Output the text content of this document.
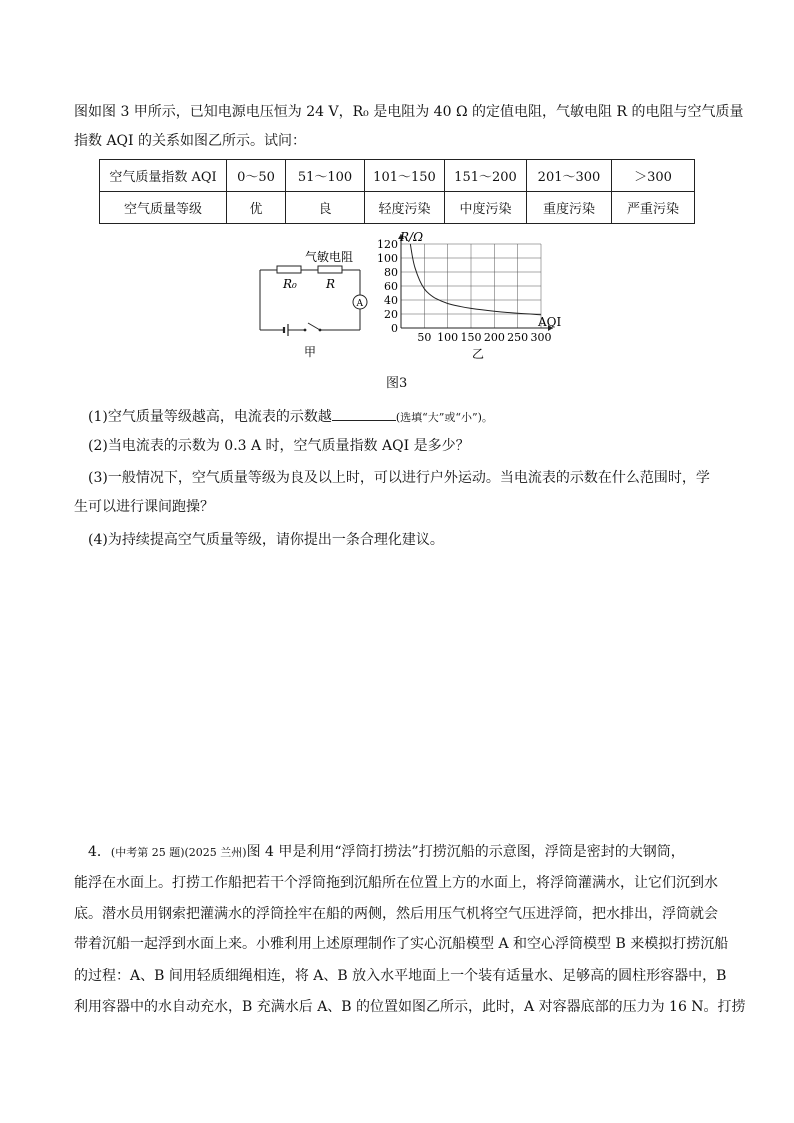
图如图 3 甲所示，已知电源电压恒为 24 V，R₀ 是电阻为 40 Ω 的定值电阻，气敏电阻 R 的电阻与空气质量
指数 AQI 的关系如图乙所示。试问：
空气质量指数 AQI	0～50	51～100	101～150	151～200	201～300	＞300
空气质量等级	优	良	轻度污染	中度污染	重度污染	严重污染
气敏电阻
R₀ R
A
甲
50 100 150 200 250 300
0
20
40
60
80
100
120
R/Ω
AQI
乙
图3
(1)空气质量等级越高，电流表的示数越	(选填“大”或“小”)。
(2)当电流表的示数为 0.3 A 时，空气质量指数 AQI 是多少？
(3)一般情况下，空气质量等级为良及以上时，可以进行户外运动。当电流表的示数在什么范围时，学
生可以进行课间跑操？
(4)为持续提高空气质量等级，请你提出一条合理化建议。
4．(中考第 25 题)(2025 兰州)图 4 甲是利用“浮筒打捞法”打捞沉船的示意图，浮筒是密封的大钢筒，
能浮在水面上。打捞工作船把若干个浮筒拖到沉船所在位置上方的水面上，将浮筒灌满水，让它们沉到水
底。潜水员用钢索把灌满水的浮筒拴牢在船的两侧，然后用压气机将空气压进浮筒，把水排出，浮筒就会
带着沉船一起浮到水面上来。小雅利用上述原理制作了实心沉船模型 A 和空心浮筒模型 B 来模拟打捞沉船
的过程：A、B 间用轻质细绳相连，将 A、B 放入水平地面上一个装有适量水、足够高的圆柱形容器中，B
利用容器中的水自动充水，B 充满水后 A、B 的位置如图乙所示，此时，A 对容器底部的压力为 16 N。打捞
